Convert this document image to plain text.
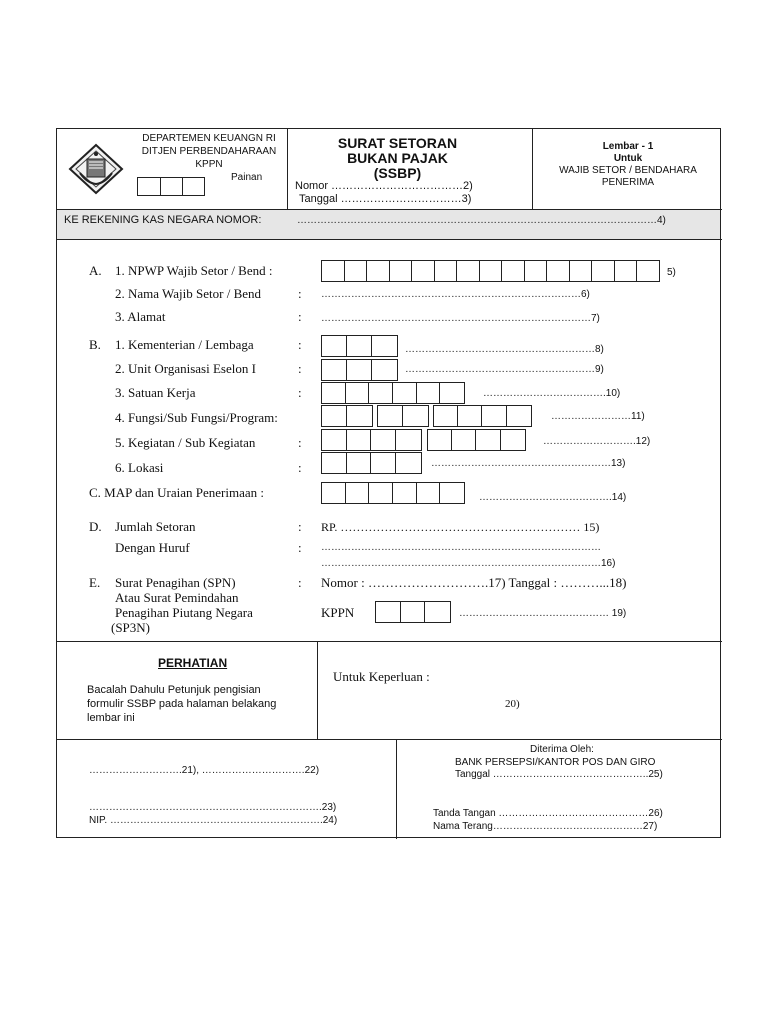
DEPARTEMEN KEUANGN RI
DITJEN PERBENDAHARAAN
KPPN
Painan
SURAT SETORAN
BUKAN PAJAK
(SSBP)
Nomor ………………………………2)
Tanggal ……………………………3)
Lembar - 1
Untuk
WAJIB SETOR / BENDAHARA
PENERIMA
KE REKENING KAS NEGARA NOMOR:	………………………………………………………………………………………………4)
A. 1. NPWP Wajib Setor / Bend :	5)
2. Nama Wajib Setor / Bend	: ……………………………………………………………………6)
3. Alamat	: ………………………………………………………………………7)
B. 1. Kementerian / Lembaga	:	…………………………………………………8)
2. Unit Organisasi Eselon I	:	…………………………………………………9)
3. Satuan Kerja	:	……………………………….10)
4. Fungsi/Sub Fungsi/Program:	……………………11)
5. Kegiatan / Sub Kegiatan	:	……………………….12)
6. Lokasi	:	………………………………………………13)
C. MAP dan Uraian Penerimaan :	………………………………….14)
D. Jumlah Setoran	: RP. …………………………………………………… 15)
Dengan Huruf	: …………………………………………………………………………
…………………………………………………………………………16)
E. Surat Penagihan (SPN)
Atau Surat Pemindahan
Penagihan Piutang Negara
(SP3N)
: Nomor : ……………………….17) Tanggal : ………...18)
KPPN	……………………………………… 19)
PERHATIAN
Bacalah Dahulu Petunjuk pengisian
formulir SSBP pada halaman belakang
lembar ini
Untuk Keperluan :
20)
……………………….21), ………………………….22)
…………………………………………………………….23)
NIP. ……………………………………………………….24)
Diterima Oleh:
BANK PERSEPSI/KANTOR POS DAN GIRO
Tanggal ………………………………………..25)
Tanda Tangan ………………………………………26)
Nama Terang………………………………………27)
